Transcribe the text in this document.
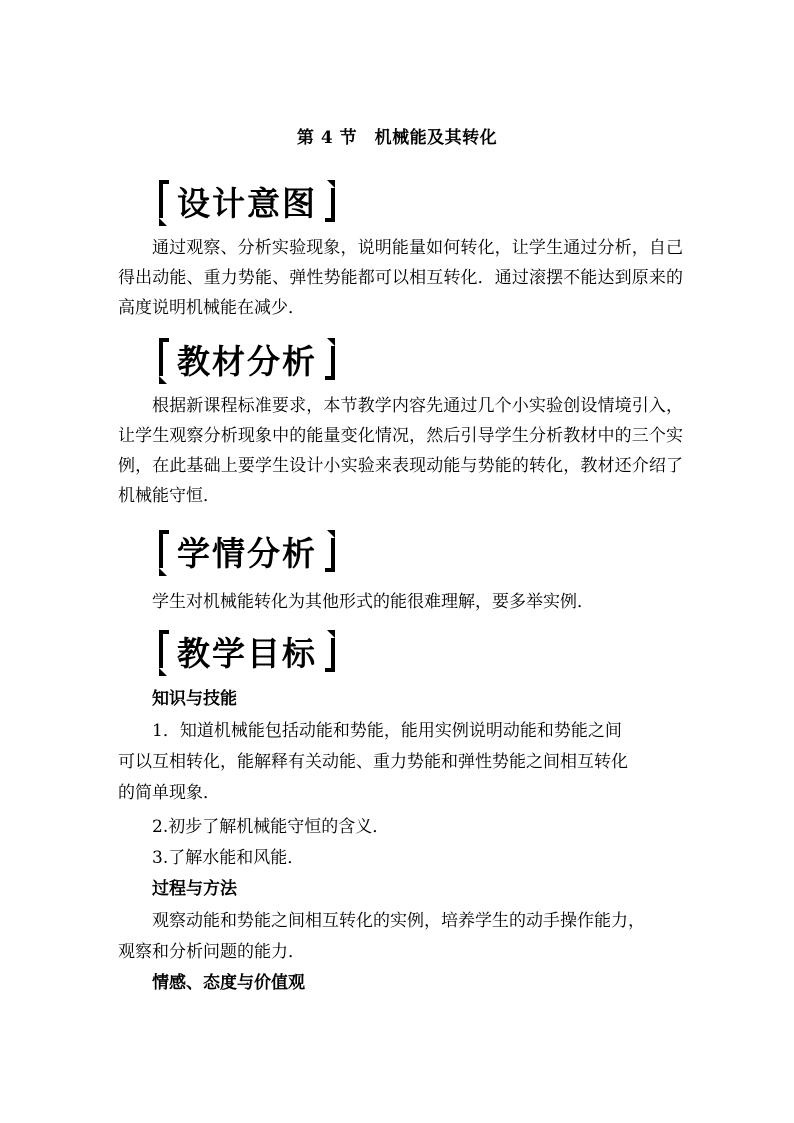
第 4 节　机械能及其转化
设计意图

通过观察、分析实验现象，说明能量如何转化，让学生通过分析，自己得出动能、重力势能、弹性势能都可以相互转化．通过滚摆不能达到原来的高度说明机械能在减少．

教材分析

根据新课程标准要求，本节教学内容先通过几个小实验创设情境引入，让学生观察分析现象中的能量变化情况，然后引导学生分析教材中的三个实例，在此基础上要学生设计小实验来表现动能与势能的转化，教材还介绍了机械能守恒．

学情分析

学生对机械能转化为其他形式的能很难理解，要多举实例．

教学目标
知识与技能
1．知道机械能包括动能和势能，能用实例说明动能和势能之间
可以互相转化，能解释有关动能、重力势能和弹性势能之间相互转化
的简单现象．
2.初步了解机械能守恒的含义．
3.了解水能和风能．
过程与方法
观察动能和势能之间相互转化的实例，培养学生的动手操作能力，
观察和分析问题的能力．
情感、态度与价值观
